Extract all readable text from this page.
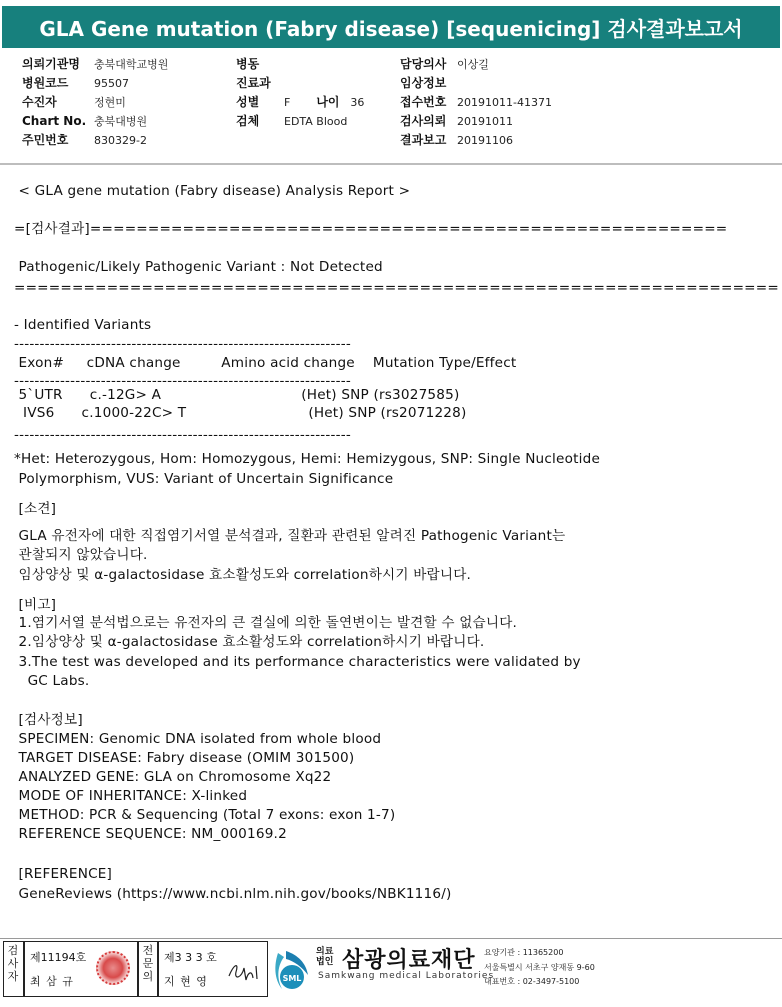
GLA Gene mutation (Fabry disease) [sequenicing] 검사결과보고서
의뢰기관명	충북대학교병원
병원코드	95507
수진자	정현미
Chart No. 충북대병원
주민번호	830329-2
병동
진료과
성별	F 나이 36
검체	EDTA Blood
담당의사 이상길
임상정보
접수번호 20191011-41371
검사의뢰 20191011
결과보고 20191106
< GLA gene mutation (Fabry disease) Analysis Report >
=[검사결과]=======================================================
Pathogenic/Likely Pathogenic Variant : Not Detected
==================================================================
- Identified Variants
------------------------------------------------------------------
Exon#     cDNA change         Amino acid change    Mutation Type/Effect
------------------------------------------------------------------
5`UTR      c.-12G> A                               (Het) SNP (rs3027585)
IVS6      c.1000-22C> T                           (Het) SNP (rs2071228)
------------------------------------------------------------------
*Het: Heterozygous, Hom: Homozygous, Hemi: Hemizygous, SNP: Single Nucleotide
Polymorphism, VUS: Variant of Uncertain Significance
[소견]
GLA 유전자에 대한 직접염기서열 분석결과, 질환과 관련된 알려진 Pathogenic Variant는
관찰되지 않았습니다.
임상양상 및 α-galactosidase 효소활성도와 correlation하시기 바랍니다.
[비고]
1.염기서열 분석법으로는 유전자의 큰 결실에 의한 돌연변이는 발견할 수 없습니다.
2.임상양상 및 α-galactosidase 효소활성도와 correlation하시기 바랍니다.
3.The test was developed and its performance characteristics were validated by
GC Labs.
[검사정보]
SPECIMEN: Genomic DNA isolated from whole blood
TARGET DISEASE: Fabry disease (OMIM 301500)
ANALYZED GENE: GLA on Chromosome Xq22
MODE OF INHERITANCE: X-linked
METHOD: PCR & Sequencing (Total 7 exons: exon 1-7)
REFERENCE SEQUENCE: NM_000169.2
[REFERENCE]
GeneReviews (https://www.ncbi.nlm.nih.gov/books/NBK1116/)
검사자
제11194호
최 삼 규
전문의
제3 3 3 호
지 현 영	SML
의료
법인 삼광의료재단
Samkwang medical Laboratories
요양기관 : 11365200
서울특별시 서초구 양재동 9-60
대표번호 : 02-3497-5100
